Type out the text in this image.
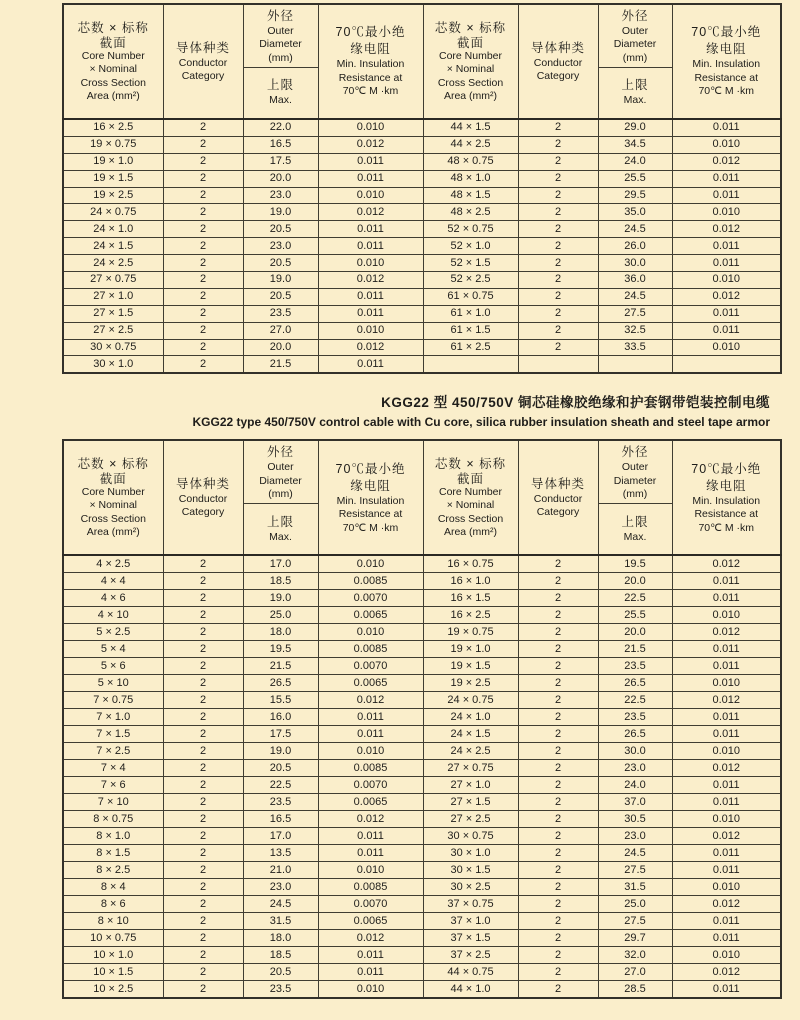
芯数 × 标称
截面
Core Number
× Nominal
Cross Section
Area (mm²)

导体种类
Conductor
Category

外径
Outer
Diameter
(mm)
上限
Max.

70℃最小绝
缘电阻
Min. Insulation
Resistance at
70℃ M ·km

芯数 × 标称
截面
Core Number
× Nominal
Cross Section
Area (mm²)

导体种类
Conductor
Category

外径
Outer
Diameter
(mm)
上限
Max.

70℃最小绝
缘电阻
Min. Insulation
Resistance at
70℃ M ·km

16 × 2.5	2	22.0	0.010	44 × 1.5	2	29.0	0.011
19 × 0.75	2	16.5	0.012	44 × 2.5	2	34.5	0.010
19 × 1.0	2	17.5	0.011	48 × 0.75	2	24.0	0.012
19 × 1.5	2	20.0	0.011	48 × 1.0	2	25.5	0.011
19 × 2.5	2	23.0	0.010	48 × 1.5	2	29.5	0.011
24 × 0.75	2	19.0	0.012	48 × 2.5	2	35.0	0.010
24 × 1.0	2	20.5	0.011	52 × 0.75	2	24.5	0.012
24 × 1.5	2	23.0	0.011	52 × 1.0	2	26.0	0.011
24 × 2.5	2	20.5	0.010	52 × 1.5	2	30.0	0.011
27 × 0.75	2	19.0	0.012	52 × 2.5	2	36.0	0.010
27 × 1.0	2	20.5	0.011	61 × 0.75	2	24.5	0.012
27 × 1.5	2	23.5	0.011	61 × 1.0	2	27.5	0.011
27 × 2.5	2	27.0	0.010	61 × 1.5	2	32.5	0.011
30 × 0.75	2	20.0	0.012	61 × 2.5	2	33.5	0.010
30 × 1.0	2	21.5	0.011				
KGG22 型 450/750V 铜芯硅橡胶绝缘和护套钢带铠装控制电缆
KGG22 type 450/750V control cable with Cu core, silica rubber insulation sheath and steel tape armor
芯数 × 标称
截面
Core Number
× Nominal
Cross Section
Area (mm²)

导体种类
Conductor
Category

外径
Outer
Diameter
(mm)
上限
Max.

70℃最小绝
缘电阻
Min. Insulation
Resistance at
70℃ M ·km

芯数 × 标称
截面
Core Number
× Nominal
Cross Section
Area (mm²)

导体种类
Conductor
Category

外径
Outer
Diameter
(mm)
上限
Max.

70℃最小绝
缘电阻
Min. Insulation
Resistance at
70℃ M ·km

4 × 2.5	2	17.0	0.010	16 × 0.75	2	19.5	0.012
4 × 4	2	18.5	0.0085	16 × 1.0	2	20.0	0.011
4 × 6	2	19.0	0.0070	16 × 1.5	2	22.5	0.011
4 × 10	2	25.0	0.0065	16 × 2.5	2	25.5	0.010
5 × 2.5	2	18.0	0.010	19 × 0.75	2	20.0	0.012
5 × 4	2	19.5	0.0085	19 × 1.0	2	21.5	0.011
5 × 6	2	21.5	0.0070	19 × 1.5	2	23.5	0.011
5 × 10	2	26.5	0.0065	19 × 2.5	2	26.5	0.010
7 × 0.75	2	15.5	0.012	24 × 0.75	2	22.5	0.012
7 × 1.0	2	16.0	0.011	24 × 1.0	2	23.5	0.011
7 × 1.5	2	17.5	0.011	24 × 1.5	2	26.5	0.011
7 × 2.5	2	19.0	0.010	24 × 2.5	2	30.0	0.010
7 × 4	2	20.5	0.0085	27 × 0.75	2	23.0	0.012
7 × 6	2	22.5	0.0070	27 × 1.0	2	24.0	0.011
7 × 10	2	23.5	0.0065	27 × 1.5	2	37.0	0.011
8 × 0.75	2	16.5	0.012	27 × 2.5	2	30.5	0.010
8 × 1.0	2	17.0	0.011	30 × 0.75	2	23.0	0.012
8 × 1.5	2	13.5	0.011	30 × 1.0	2	24.5	0.011
8 × 2.5	2	21.0	0.010	30 × 1.5	2	27.5	0.011
8 × 4	2	23.0	0.0085	30 × 2.5	2	31.5	0.010
8 × 6	2	24.5	0.0070	37 × 0.75	2	25.0	0.012
8 × 10	2	31.5	0.0065	37 × 1.0	2	27.5	0.011
10 × 0.75	2	18.0	0.012	37 × 1.5	2	29.7	0.011
10 × 1.0	2	18.5	0.011	37 × 2.5	2	32.0	0.010
10 × 1.5	2	20.5	0.011	44 × 0.75	2	27.0	0.012
10 × 2.5	2	23.5	0.010	44 × 1.0	2	28.5	0.011
